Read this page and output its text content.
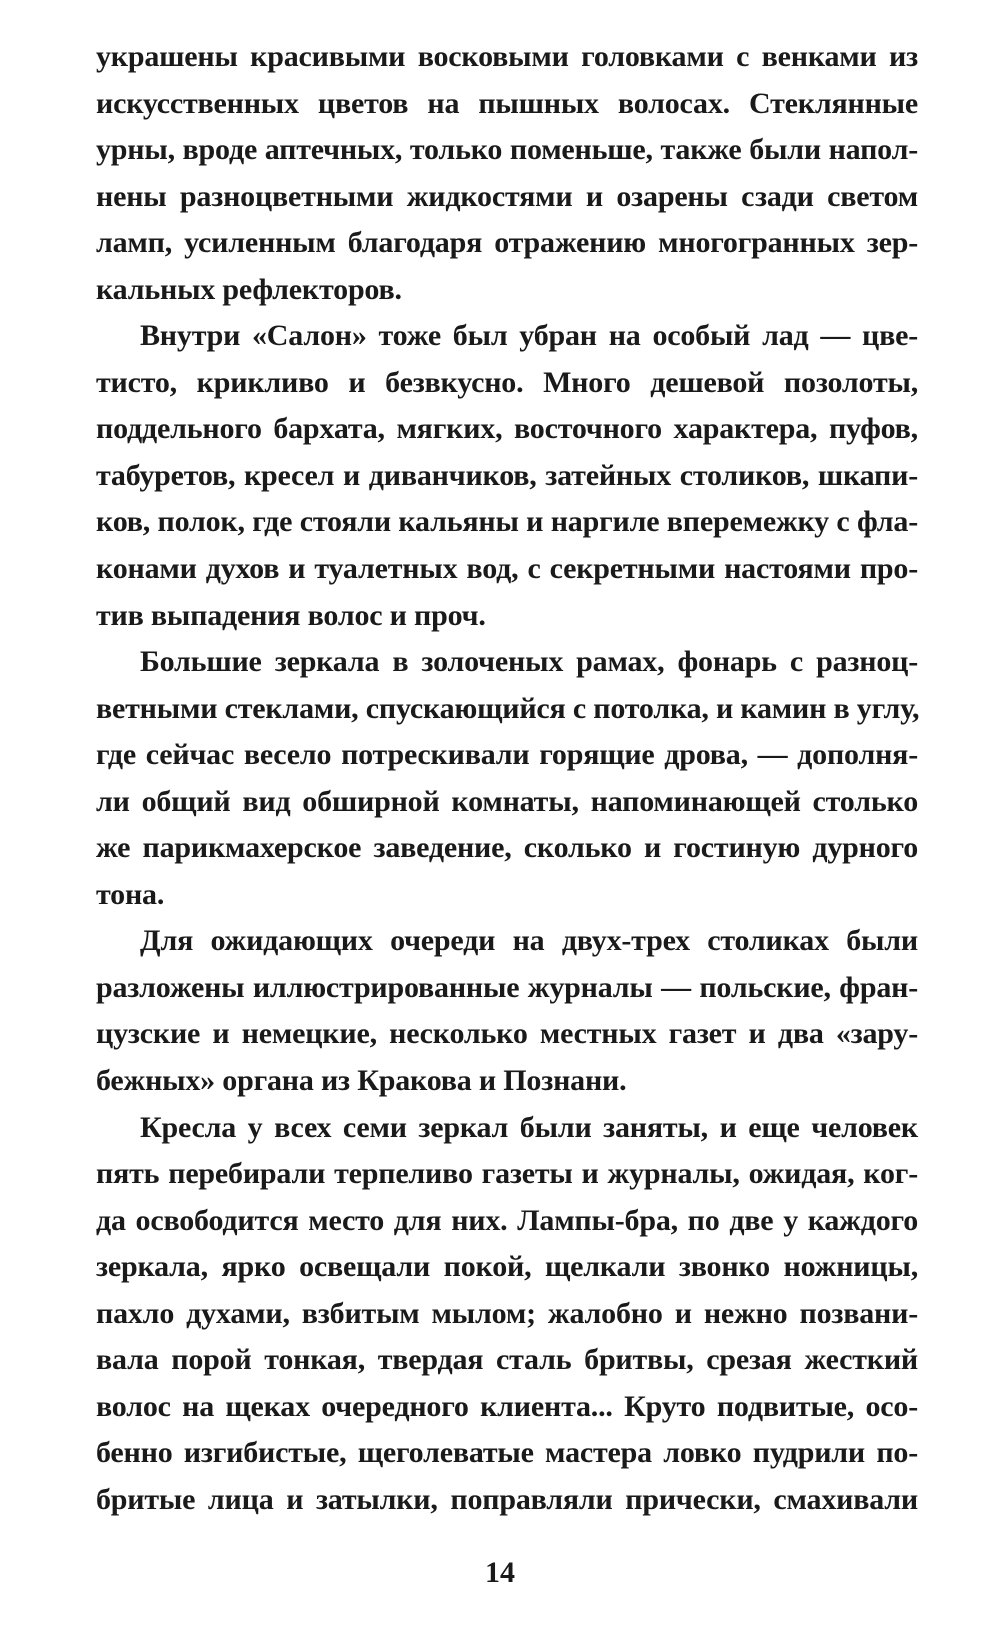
украшены красивыми восковыми головками с венками из
искусственных цветов на пышных волосах. Стеклянные
урны, вроде аптечных, только поменьше, также были напол-
нены разноцветными жидкостями и озарены сзади светом
ламп, усиленным благодаря отражению многогранных зер-
кальных рефлекторов.
Внутри «Салон» тоже был убран на особый лад — цве-
тисто, крикливо и безвкусно. Много дешевой позолоты,
поддельного бархата, мягких, восточного характера, пуфов,
табуретов, кресел и диванчиков, затейных столиков, шкапи-
ков, полок, где стояли кальяны и наргиле вперемежку с фла-
конами духов и туалетных вод, с секретными настоями про-
тив выпадения волос и проч.
Большие зеркала в золоченых рамах, фонарь с разноц-
ветными стеклами, спускающийся с потолка, и камин в углу,
где сейчас весело потрескивали горящие дрова, — дополня-
ли общий вид обширной комнаты, напоминающей столько
же парикмахерское заведение, сколько и гостиную дурного
тона.
Для ожидающих очереди на двух-трех столиках были
разложены иллюстрированные журналы — польские, фран-
цузские и немецкие, несколько местных газет и два «зару-
бежных» органа из Кракова и Познани.
Кресла у всех семи зеркал были заняты, и еще человек
пять перебирали терпеливо газеты и журналы, ожидая, ког-
да освободится место для них. Лампы-бра, по две у каждого
зеркала, ярко освещали покой, щелкали звонко ножницы,
пахло духами, взбитым мылом; жалобно и нежно позвани-
вала порой тонкая, твердая сталь бритвы, срезая жесткий
волос на щеках очередного клиента... Круто подвитые, осо-
бенно изгибистые, щеголеватые мастера ловко пудрили по-
бритые лица и затылки, поправляли прически, смахивали
14
